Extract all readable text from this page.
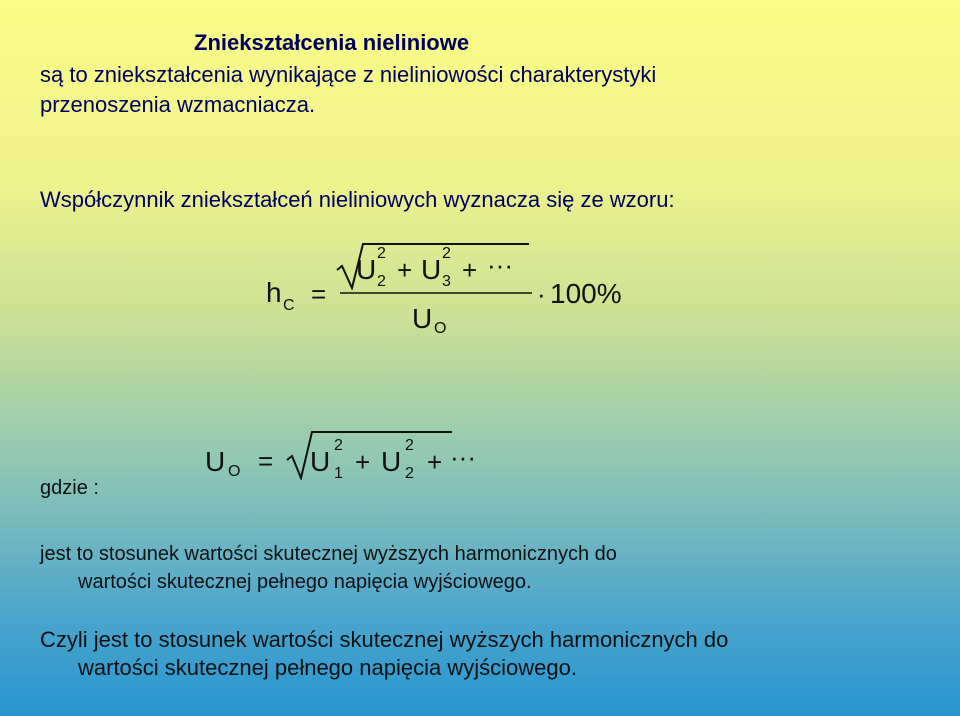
Zniekształcenia nieliniowe
są to zniekształcenia wynikające z nieliniowości charakterystyki
przenoszenia wzmacniacza.
Współczynnik zniekształceń nieliniowych wyznacza się ze wzoru:
h C =
U
2
2 + U
2
3 + ···
U O
· 100%
gdzie :
U O = U
2
1 + U
2
2 + ···
jest to stosunek wartości skutecznej wyższych harmonicznych do
wartości skutecznej pełnego napięcia wyjściowego.
Czyli jest to stosunek wartości skutecznej wyższych harmonicznych do
wartości skutecznej pełnego napięcia wyjściowego.
